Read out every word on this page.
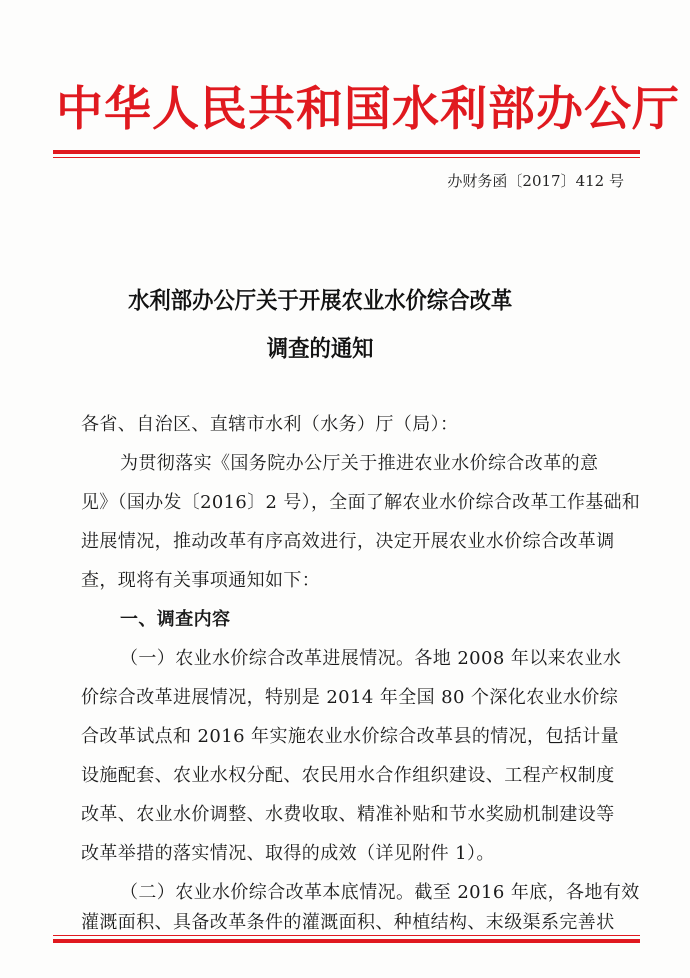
中华人民共和国水利部办公厅
办财务函〔2017〕412 号
水利部办公厅关于开展农业水价综合改革
调查的通知
各省、自治区、直辖市水利（水务）厅（局）：
为贯彻落实《国务院办公厅关于推进农业水价综合改革的意
见》（国办发〔2016〕2 号），全面了解农业水价综合改革工作基础和
进展情况，推动改革有序高效进行，决定开展农业水价综合改革调
查，现将有关事项通知如下：
一、调查内容
（一）农业水价综合改革进展情况。各地 2008 年以来农业水
价综合改革进展情况，特别是 2014 年全国 80 个深化农业水价综
合改革试点和 2016 年实施农业水价综合改革县的情况，包括计量
设施配套、农业水权分配、农民用水合作组织建设、工程产权制度
改革、农业水价调整、水费收取、精准补贴和节水奖励机制建设等
改革举措的落实情况、取得的成效（详见附件 1）。
（二）农业水价综合改革本底情况。截至 2016 年底，各地有效
灌溉面积、具备改革条件的灌溉面积、种植结构、末级渠系完善状
